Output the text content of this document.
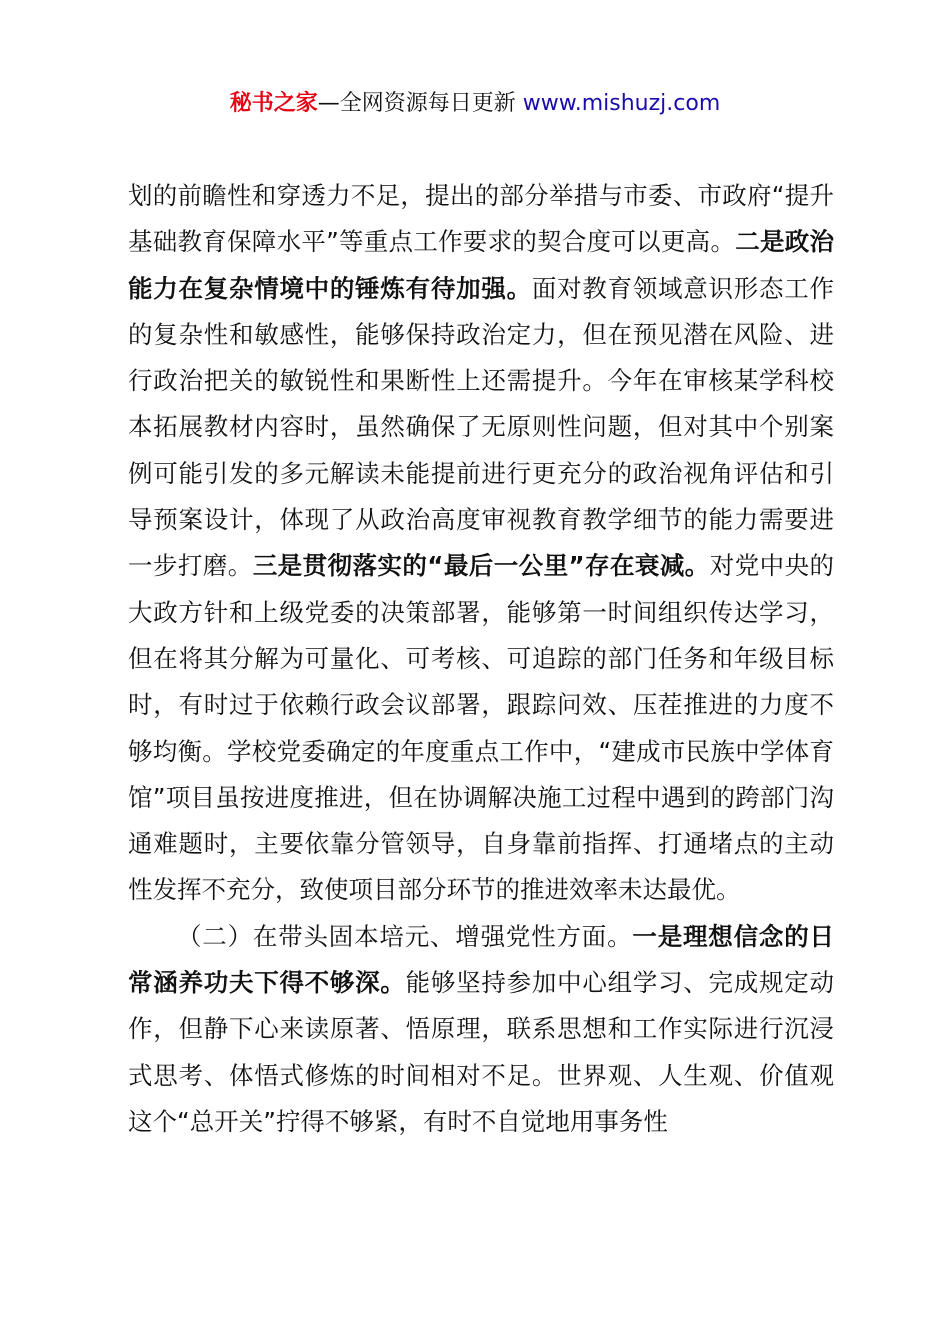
秘书之家—全网资源每日更新 www.mishuzj.com

划的前瞻性和穿透力不足，提出的部分举措与市委、市政府“提升基础教育保障水平”等重点工作要求的契合度可以更高。二是政治能力在复杂情境中的锤炼有待加强。面对教育领域意识形态工作的复杂性和敏感性，能够保持政治定力，但在预见潜在风险、进行政治把关的敏锐性和果断性上还需提升。今年在审核某学科校本拓展教材内容时，虽然确保了无原则性问题，但对其中个别案例可能引发的多元解读未能提前进行更充分的政治视角评估和引导预案设计，体现了从政治高度审视教育教学细节的能力需要进一步打磨。三是贯彻落实的“最后一公里”存在衰减。对党中央的大政方针和上级党委的决策部署，能够第一时间组织传达学习，但在将其分解为可量化、可考核、可追踪的部门任务和年级目标时，有时过于依赖行政会议部署，跟踪问效、压茬推进的力度不够均衡。学校党委确定的年度重点工作中，“建成市民族中学体育馆”项目虽按进度推进，但在协调解决施工过程中遇到的跨部门沟通难题时，主要依靠分管领导，自身靠前指挥、打通堵点的主动性发挥不充分，致使项目部分环节的推进效率未达最优。

（二）在带头固本培元、增强党性方面。一是理想信念的日常涵养功夫下得不够深。能够坚持参加中心组学习、完成规定动作，但静下心来读原著、悟原理，联系思想和工作实际进行沉浸式思考、体悟式修炼的时间相对不足。世界观、人生观、价值观这个“总开关”拧得不够紧，有时不自觉地用事务性
